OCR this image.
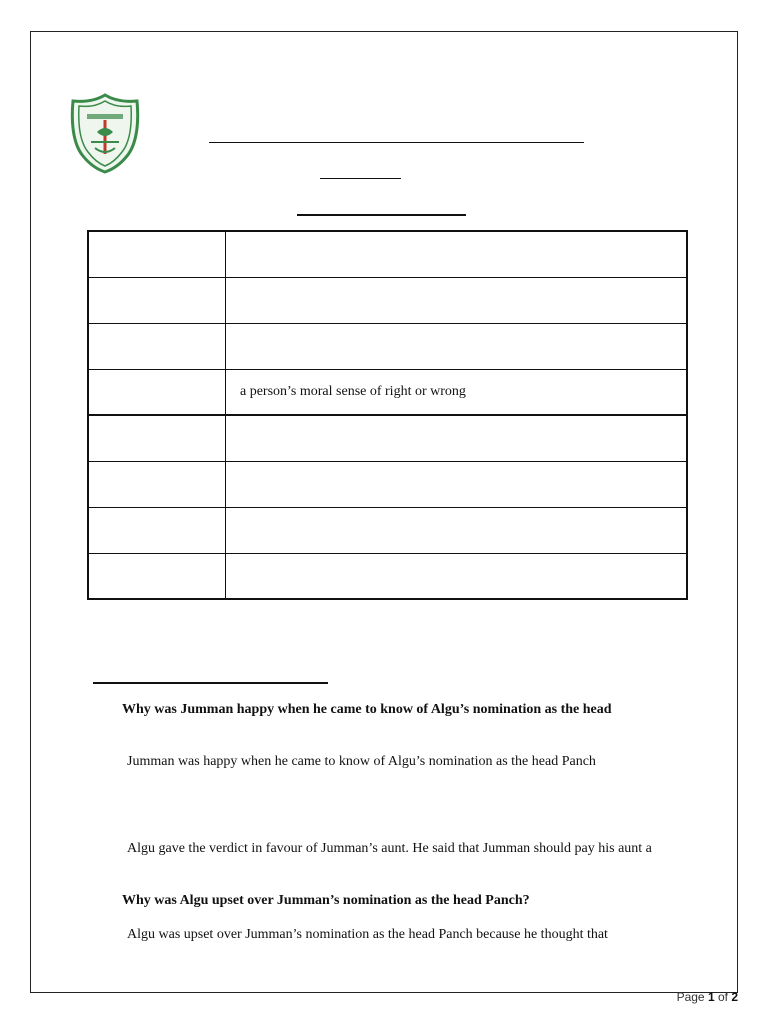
	a person’s moral sense of right or wrong

Why was Jumman happy when he came to know of Algu’s nomination as the head
Jumman was happy when he came to know of Algu’s nomination as the head Panch
Algu gave the verdict in favour of Jumman’s aunt. He said that Jumman should pay his aunt a
Why was Algu upset over Jumman’s nomination as the head Panch?
Algu was upset over Jumman’s nomination as the head Panch because he thought that
Page 1 of 2
